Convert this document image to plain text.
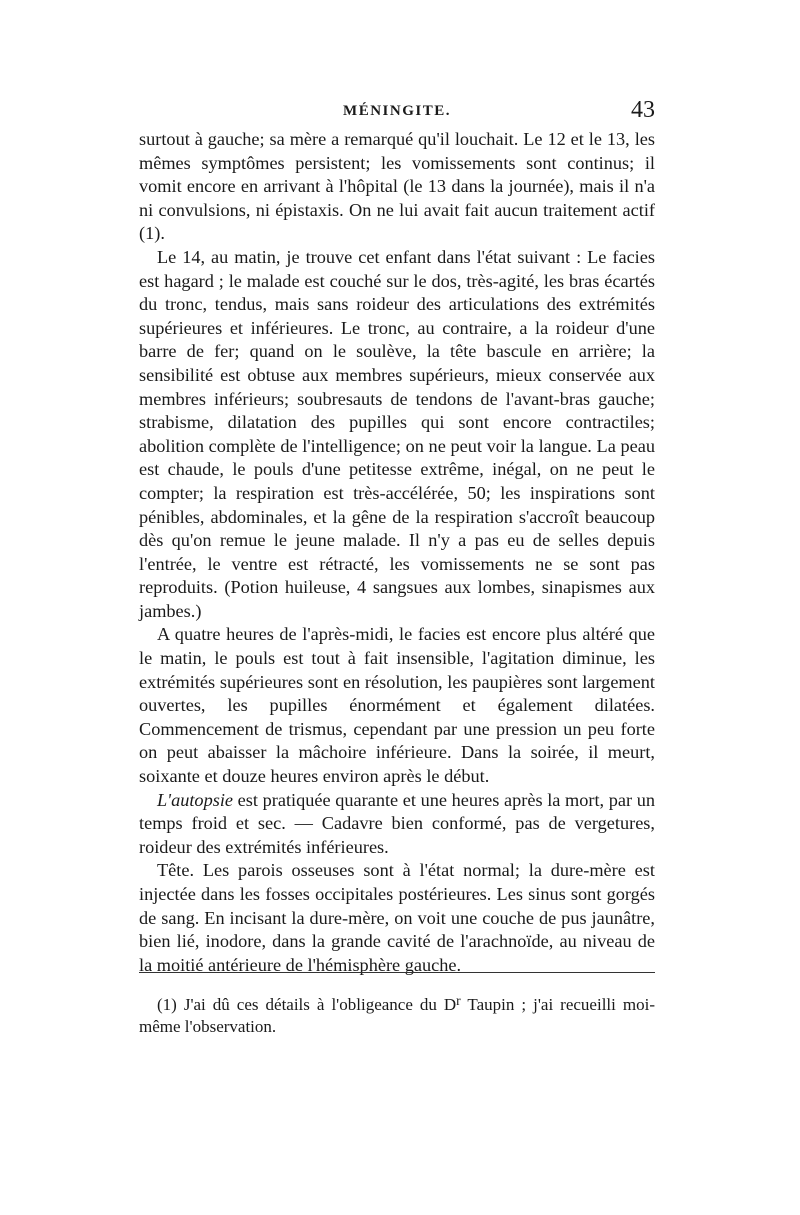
MÉNINGITE.	43

surtout à gauche; sa mère a remarqué qu'il louchait. Le 12 et le 13, les mêmes symptômes persistent; les vomissements sont continus; il vomit encore en arrivant à l'hôpital (le 13 dans la journée), mais il n'a ni convulsions, ni épistaxis. On ne lui avait fait aucun traitement actif (1).

Le 14, au matin, je trouve cet enfant dans l'état suivant : Le facies est hagard ; le malade est couché sur le dos, très-agité, les bras écartés du tronc, tendus, mais sans roideur des articulations des extrémités supérieures et inférieures. Le tronc, au contraire, a la roideur d'une barre de fer; quand on le soulève, la tête bascule en arrière; la sensibilité est obtuse aux membres supérieurs, mieux conservée aux membres inférieurs; soubresauts de tendons de l'avant-bras gauche; strabisme, dilatation des pupilles qui sont encore contractiles; abolition complète de l'intelligence; on ne peut voir la langue. La peau est chaude, le pouls d'une petitesse extrême, inégal, on ne peut le compter; la respiration est très-accélérée, 50; les inspirations sont pénibles, abdominales, et la gêne de la respiration s'accroît beaucoup dès qu'on remue le jeune malade. Il n'y a pas eu de selles depuis l'entrée, le ventre est rétracté, les vomissements ne se sont pas reproduits. (Potion huileuse, 4 sangsues aux lombes, sinapismes aux jambes.)

A quatre heures de l'après-midi, le facies est encore plus altéré que le matin, le pouls est tout à fait insensible, l'agitation diminue, les extrémités supérieures sont en résolution, les paupières sont largement ouvertes, les pupilles énormément et également dilatées. Commencement de trismus, cependant par une pression un peu forte on peut abaisser la mâchoire inférieure. Dans la soirée, il meurt, soixante et douze heures environ après le début.

L'autopsie est pratiquée quarante et une heures après la mort, par un temps froid et sec. — Cadavre bien conformé, pas de vergetures, roideur des extrémités inférieures.

Tête. Les parois osseuses sont à l'état normal; la dure-mère est injectée dans les fosses occipitales postérieures. Les sinus sont gorgés de sang. En incisant la dure-mère, on voit une couche de pus jaunâtre, bien lié, inodore, dans la grande cavité de l'arachnoïde, au niveau de la moitié antérieure de l'hémisphère gauche.

(1) J'ai dû ces détails à l'obligeance du D$^r$ Taupin ; j'ai recueilli moi-même l'observation.
